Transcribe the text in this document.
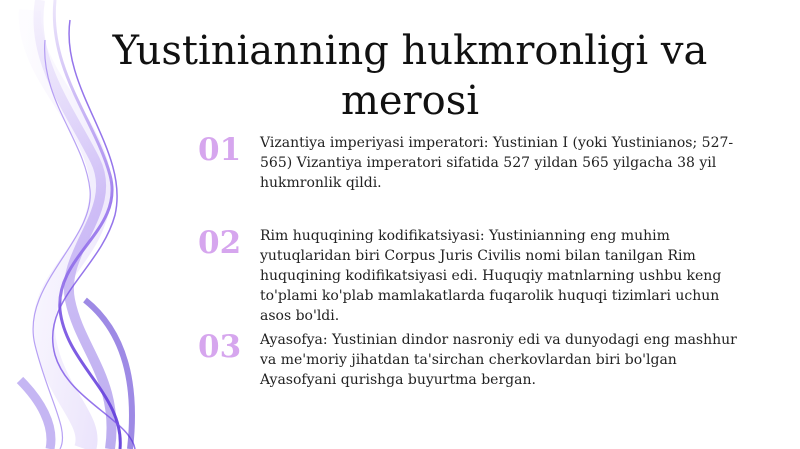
Yustinianning hukmronligi va merosi
01	Vizantiya imperiyasi imperatori: Yustinian I (yoki Yustinianos; 527-565) Vizantiya imperatori sifatida 527 yildan 565 yilgacha 38 yil hukmronlik qildi.
02	Rim huquqining kodifikatsiyasi: Yustinianning eng muhim yutuqlaridan biri Corpus Juris Civilis nomi bilan tanilgan Rim huquqining kodifikatsiyasi edi. Huquqiy matnlarning ushbu keng to'plami ko'plab mamlakatlarda fuqarolik huquqi tizimlari uchun asos bo'ldi.
03	Ayasofya: Yustinian dindor nasroniy edi va dunyodagi eng mashhur va me'moriy jihatdan ta'sirchan cherkovlardan biri bo'lgan Ayasofyani qurishga buyurtma bergan.
